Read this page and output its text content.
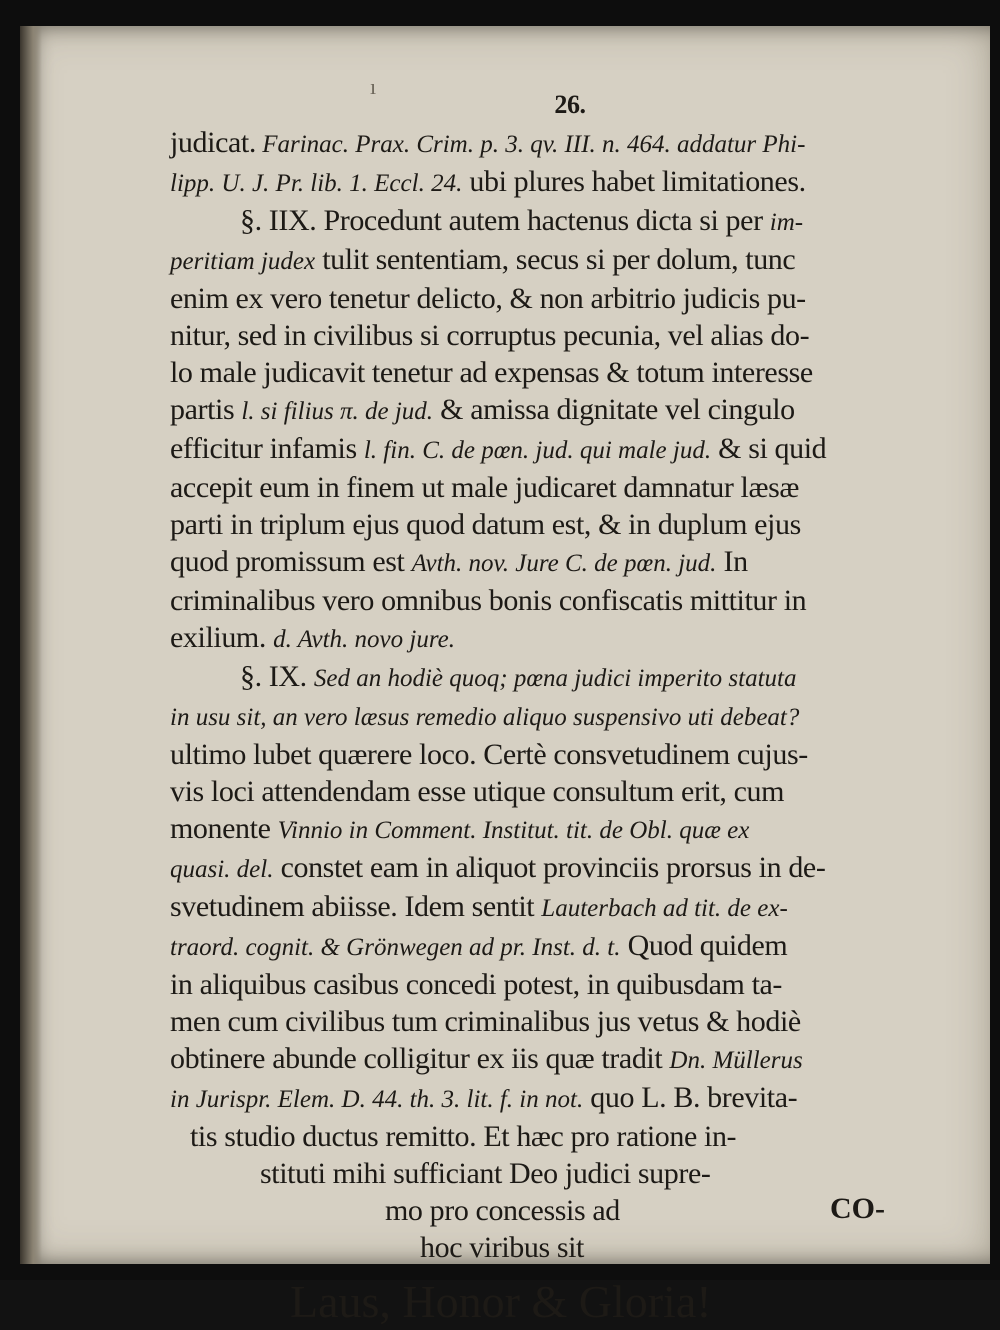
ı
26.
judicat. Farinac. Prax. Crim. p. 3. qv. III. n. 464. addatur Phi-
lipp. U. J. Pr. lib. 1. Eccl. 24. ubi plures habet limitationes.
§. IIX. Procedunt autem hactenus dicta si per im-
peritiam judex tulit sententiam, secus si per dolum, tunc
enim ex vero tenetur delicto, & non arbitrio judicis pu-
nitur, sed in civilibus si corruptus pecunia, vel alias do-
lo male judicavit tenetur ad expensas & totum interesse
partis l. si filius π. de jud. & amissa dignitate vel cingulo
efficitur infamis l. fin. C. de pœn. jud. qui male jud. & si quid
accepit eum in finem ut male judicaret damnatur læsæ
parti in triplum ejus quod datum est, & in duplum ejus
quod promissum est Avth. nov. Jure C. de pœn. jud. In
criminalibus vero omnibus bonis confiscatis mittitur in
exilium. d. Avth. novo jure.
§. IX. Sed an hodiè quoq; pœna judici imperito statuta
in usu sit, an vero læsus remedio aliquo suspensivo uti debeat?
ultimo lubet quærere loco. Certè consvetudinem cujus-
vis loci attendendam esse utique consultum erit, cum
monente Vinnio in Comment. Institut. tit. de Obl. quæ ex
quasi. del. constet eam in aliquot provinciis prorsus in de-
svetudinem abiisse. Idem sentit Lauterbach ad tit. de ex-
traord. cognit. & Grönwegen ad pr. Inst. d. t. Quod quidem
in aliquibus casibus concedi potest, in quibusdam ta-
men cum civilibus tum criminalibus jus vetus & hodiè
obtinere abunde colligitur ex iis quæ tradit Dn. Müllerus
in Jurispr. Elem. D. 44. th. 3. lit. f. in not. quo L. B. brevita-
tis studio ductus remitto. Et hæc pro ratione in-
stituti mihi sufficiant Deo judici supre-
mo pro concessis ad
hoc viribus sit
Laus, Honor & Gloria!
CO-
